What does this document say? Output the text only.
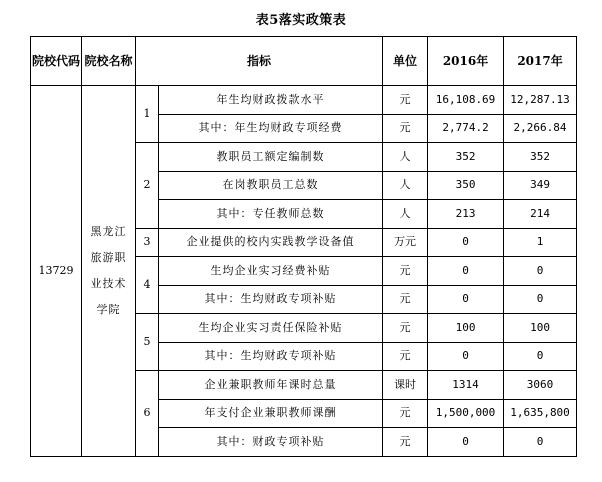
表5落实政策表
院校代码	院校名称	指标		单位	2016年	2017年
13729	黑龙江旅游职业技术学院	1	年生均财政拨款水平	元	16,108.69	12,287.13
			其中：年生均财政专项经费	元	2,774.2	2,266.84
		2	教职员工额定编制数	人	352	352
			在岗教职员工总数	人	350	349
			其中：专任教师总数	人	213	214
		3	企业提供的校内实践教学设备值	万元	0	1
		4	生均企业实习经费补贴	元	0	0
			其中：生均财政专项补贴	元	0	0
		5	生均企业实习责任保险补贴	元	100	100
			其中：生均财政专项补贴	元	0	0
		6	企业兼职教师年课时总量	课时	1314	3060
			年支付企业兼职教师课酬	元	1,500,000	1,635,800
			其中：财政专项补贴	元	0	0
